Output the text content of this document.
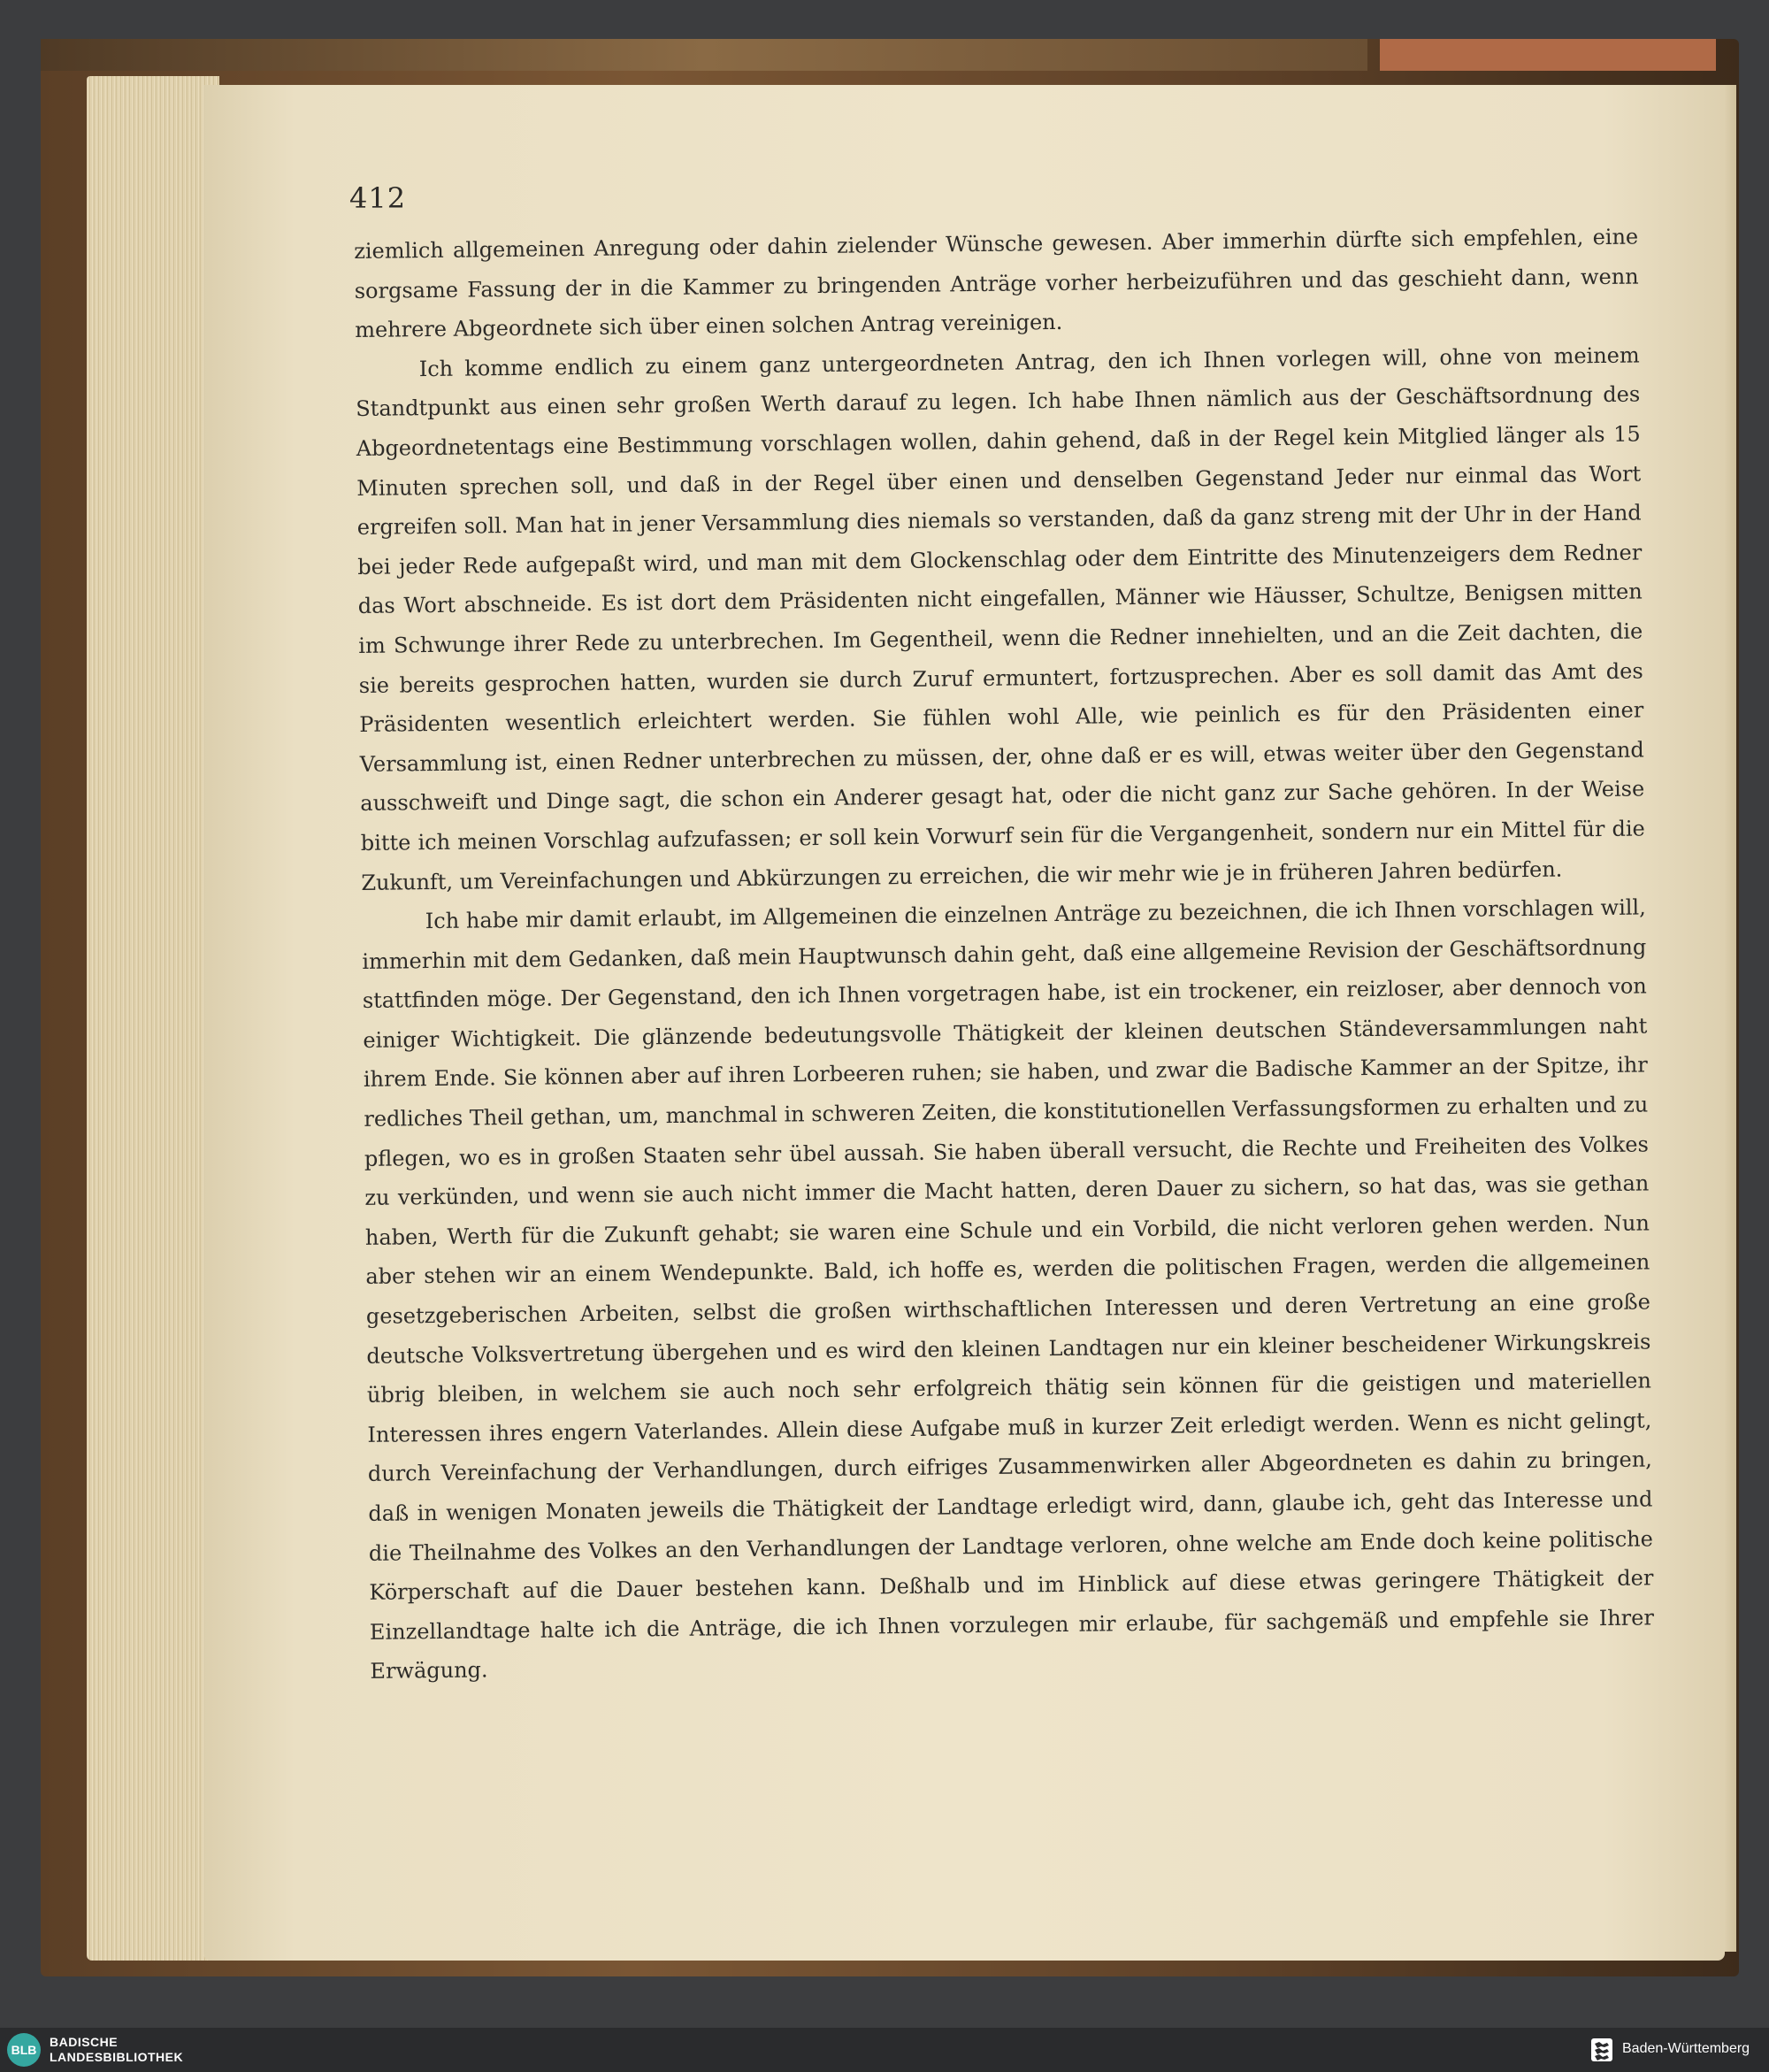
412

ziemlich allgemeinen Anregung oder dahin zielender Wünsche gewesen. Aber immerhin dürfte sich empfehlen, eine sorgsame Fassung der in die Kammer zu bringenden Anträge vorher herbeizuführen und das geschieht dann, wenn mehrere Abgeordnete sich über einen solchen Antrag vereinigen.

Ich komme endlich zu einem ganz untergeordneten Antrag, den ich Ihnen vorlegen will, ohne von meinem Standtpunkt aus einen sehr großen Werth darauf zu legen. Ich habe Ihnen nämlich aus der Geschäftsordnung des Abgeordnetentags eine Bestimmung vorschlagen wollen, dahin gehend, daß in der Regel kein Mitglied länger als 15 Minuten sprechen soll, und daß in der Regel über einen und denselben Gegenstand Jeder nur einmal das Wort ergreifen soll. Man hat in jener Versammlung dies niemals so verstanden, daß da ganz streng mit der Uhr in der Hand bei jeder Rede aufgepaßt wird, und man mit dem Glockenschlag oder dem Eintritte des Minutenzeigers dem Redner das Wort abschneide. Es ist dort dem Präsidenten nicht eingefallen, Männer wie Häusser, Schultze, Benigsen mitten im Schwunge ihrer Rede zu unterbrechen. Im Gegentheil, wenn die Redner innehielten, und an die Zeit dachten, die sie bereits gesprochen hatten, wurden sie durch Zuruf ermuntert, fortzusprechen. Aber es soll damit das Amt des Präsidenten wesentlich erleichtert werden. Sie fühlen wohl Alle, wie peinlich es für den Präsidenten einer Versammlung ist, einen Redner unterbrechen zu müssen, der, ohne daß er es will, etwas weiter über den Gegenstand ausschweift und Dinge sagt, die schon ein Anderer gesagt hat, oder die nicht ganz zur Sache gehören. In der Weise bitte ich meinen Vorschlag aufzufassen; er soll kein Vorwurf sein für die Vergangenheit, sondern nur ein Mittel für die Zukunft, um Vereinfachungen und Abkürzungen zu erreichen, die wir mehr wie je in früheren Jahren bedürfen.

Ich habe mir damit erlaubt, im Allgemeinen die einzelnen Anträge zu bezeichnen, die ich Ihnen vorschlagen will, immerhin mit dem Gedanken, daß mein Hauptwunsch dahin geht, daß eine allgemeine Revision der Geschäftsordnung stattfinden möge. Der Gegenstand, den ich Ihnen vorgetragen habe, ist ein trockener, ein reizloser, aber dennoch von einiger Wichtigkeit. Die glänzende bedeutungsvolle Thätigkeit der kleinen deutschen Ständeversammlungen naht ihrem Ende. Sie können aber auf ihren Lorbeeren ruhen; sie haben, und zwar die Badische Kammer an der Spitze, ihr redliches Theil gethan, um, manchmal in schweren Zeiten, die konstitutionellen Verfassungsformen zu erhalten und zu pflegen, wo es in großen Staaten sehr übel aussah. Sie haben überall versucht, die Rechte und Freiheiten des Volkes zu verkünden, und wenn sie auch nicht immer die Macht hatten, deren Dauer zu sichern, so hat das, was sie gethan haben, Werth für die Zukunft gehabt; sie waren eine Schule und ein Vorbild, die nicht verloren gehen werden. Nun aber stehen wir an einem Wendepunkte. Bald, ich hoffe es, werden die politischen Fragen, werden die allgemeinen gesetzgeberischen Arbeiten, selbst die großen wirthschaftlichen Interessen und deren Vertretung an eine große deutsche Volksvertretung übergehen und es wird den kleinen Landtagen nur ein kleiner bescheidener Wirkungskreis übrig bleiben, in welchem sie auch noch sehr erfolgreich thätig sein können für die geistigen und materiellen Interessen ihres engern Vaterlandes. Allein diese Aufgabe muß in kurzer Zeit erledigt werden. Wenn es nicht gelingt, durch Vereinfachung der Verhandlungen, durch eifriges Zusammenwirken aller Abgeordneten es dahin zu bringen, daß in wenigen Monaten jeweils die Thätigkeit der Landtage erledigt wird, dann, glaube ich, geht das Interesse und die Theilnahme des Volkes an den Verhandlungen der Landtage verloren, ohne welche am Ende doch keine politische Körperschaft auf die Dauer bestehen kann. Deßhalb und im Hinblick auf diese etwas geringere Thätigkeit der Einzellandtage halte ich die Anträge, die ich Ihnen vorzulegen mir erlaube, für sachgemäß und empfehle sie Ihrer Erwägung.

BLB
BADISCHE
LANDESBIBLIOTHEK
Baden-Württemberg
